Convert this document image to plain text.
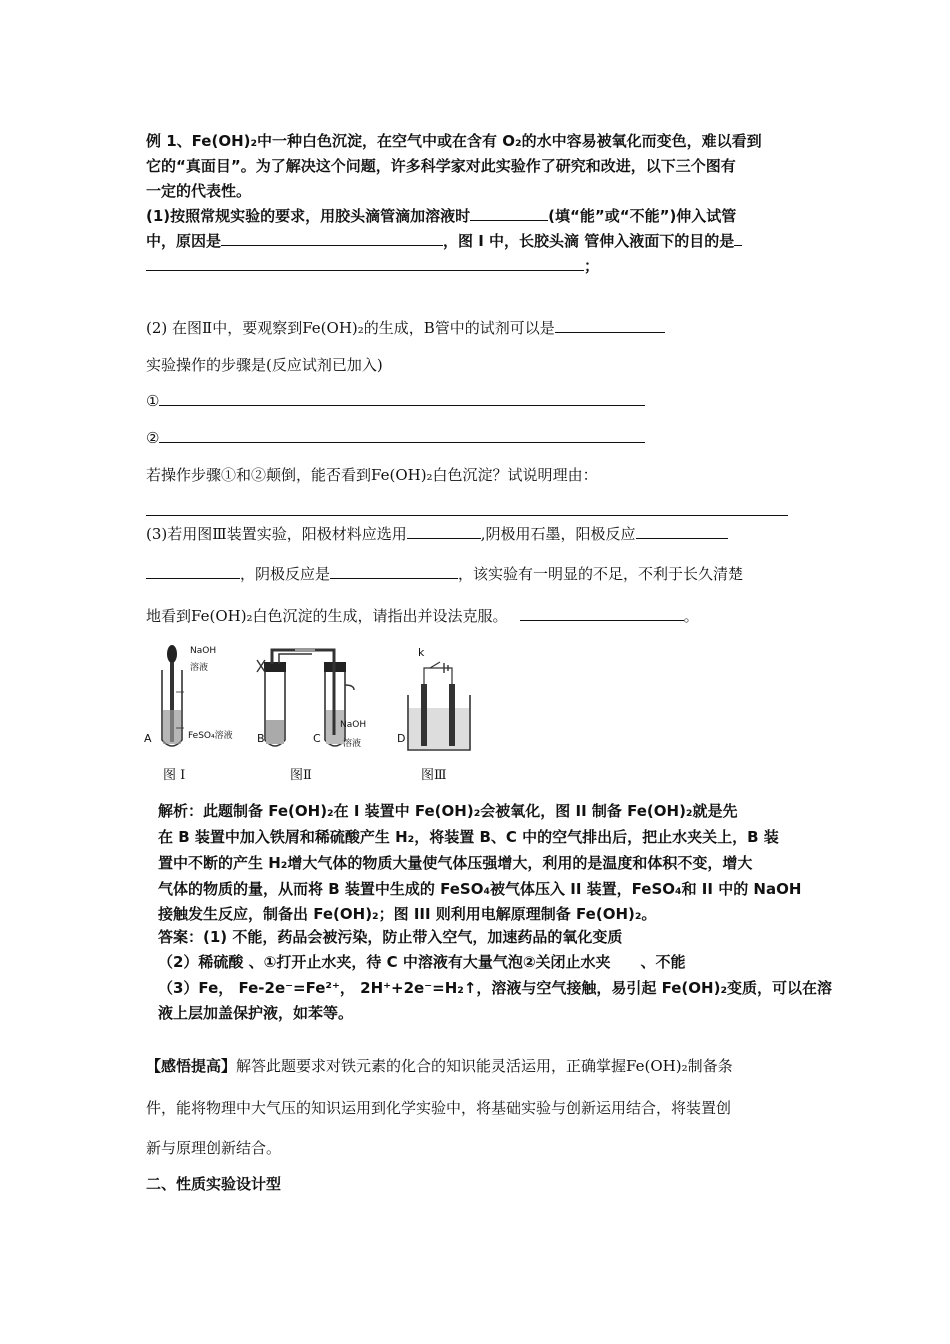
例 1、Fe(OH)₂中一种白色沉淀，在空气中或在含有 O₂的水中容易被氧化而变色，难以看到
它的“真面目”。为了解决这个问题，许多科学家对此实验作了研究和改进，以下三个图有
一定的代表性。
(1)按照常规实验的要求，用胶头滴管滴加溶液时	(填“能”或“不能”)伸入试管
中，原因是	，图 I 中，长胶头滴 管伸入液面下的目的是
；
(2) 在图Ⅱ中，要观察到Fe(OH)₂的生成，B管中的试剂可以是
实验操作的步骤是(反应试剂已加入)
①
②
若操作步骤①和②颠倒，能否看到Fe(OH)₂白色沉淀？试说明理由：
(3)若用图Ⅲ装置实验，阳极材料应选用	,阴极用石墨，阳极反应
，阴极反应是	，该实验有一明显的不足，不利于长久清楚
地看到Fe(OH)₂白色沉淀的生成，请指出并设法克服。	。
NaOH
溶液
FeSO₄溶液
A	B	C
NaOH
溶液	D
k
图 I	图Ⅱ	图Ⅲ
解析：此题制备 Fe(OH)₂在 I 装置中 Fe(OH)₂会被氧化，图 II 制备 Fe(OH)₂就是先
在 B 装置中加入铁屑和稀硫酸产生 H₂，将装置 B、C 中的空气排出后，把止水夹关上，B 装
置中不断的产生 H₂增大气体的物质大量使气体压强增大，利用的是温度和体积不变，增大
气体的物质的量，从而将 B 装置中生成的 FeSO₄被气体压入 II 装置，FeSO₄和 II 中的 NaOH
接触发生反应，制备出 Fe(OH)₂；图 III 则利用电解原理制备 Fe(OH)₂。
答案：(1) 不能，药品会被污染，防止带入空气，加速药品的氧化变质
（2）稀硫酸 、①打开止水夹，待 C 中溶液有大量气泡②关闭止水夹　　、不能
（3）Fe， Fe-2e⁻=Fe²⁺， 2H⁺+2e⁻=H₂↑，溶液与空气接触，易引起 Fe(OH)₂变质，可以在溶
液上层加盖保护液，如苯等。
【感悟提高】解答此题要求对铁元素的化合的知识能灵活运用，正确掌握Fe(OH)₂制备条
件，能将物理中大气压的知识运用到化学实验中，将基础实验与创新运用结合，将装置创
新与原理创新结合。
二、性质实验设计型
